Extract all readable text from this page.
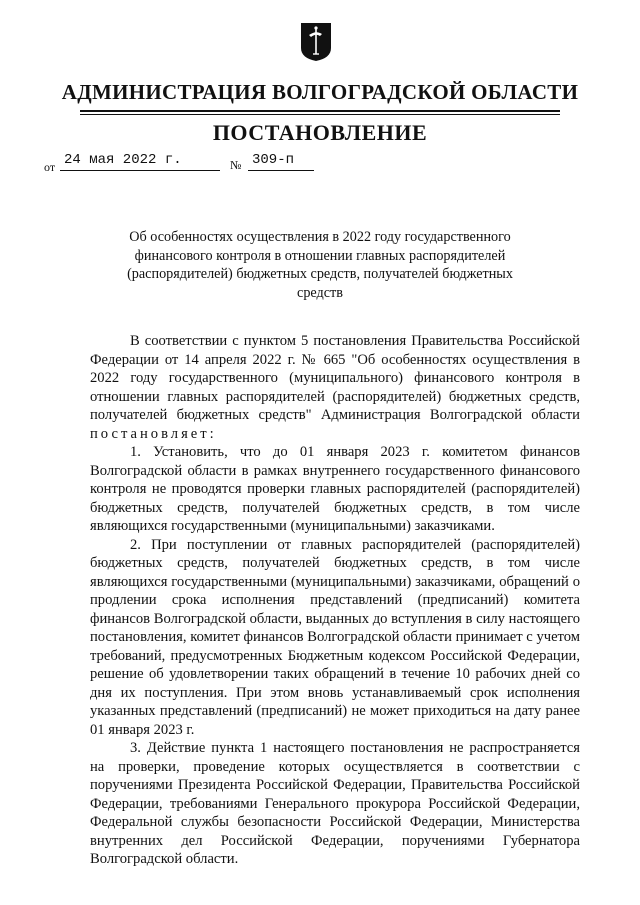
АДМИНИСТРАЦИЯ ВОЛГОГРАДСКОЙ ОБЛАСТИ
ПОСТАНОВЛЕНИЕ
от 24 мая 2022 г.	№ 309-п
Об особенностях осуществления в 2022 году государственного финансового контроля в отношении главных распорядителей (распорядителей) бюджетных средств, получателей бюджетных средств

В соответствии с пунктом 5 постановления Правительства Российской Федерации от 14 апреля 2022 г. № 665 "Об особенностях осуществления в 2022 году государственного (муниципального) финансового контроля в отношении главных распорядителей (распорядителей) бюджетных средств, получателей бюджетных средств" Администрация Волгоградской области постановляет:

1. Установить, что до 01 января 2023 г. комитетом финансов Волгоградской области в рамках внутреннего государственного финансового контроля не проводятся проверки главных распорядителей (распорядителей) бюджетных средств, получателей бюджетных средств, в том числе являющихся государственными (муниципальными) заказчиками.

2. При поступлении от главных распорядителей (распорядителей) бюджетных средств, получателей бюджетных средств, в том числе являющихся государственными (муниципальными) заказчиками, обращений о продлении срока исполнения представлений (предписаний) комитета финансов Волгоградской области, выданных до вступления в силу настоящего постановления, комитет финансов Волгоградской области принимает с учетом требований, предусмотренных Бюджетным кодексом Российской Федерации, решение об удовлетворении таких обращений в течение 10 рабочих дней со дня их поступления. При этом вновь устанавливаемый срок исполнения указанных представлений (предписаний) не может приходиться на дату ранее 01 января 2023 г.

3. Действие пункта 1 настоящего постановления не распространяется на проверки, проведение которых осуществляется в соответствии с поручениями Президента Российской Федерации, Правительства Российской Федерации, требованиями Генерального прокурора Российской Федерации, Федеральной службы безопасности Российской Федерации, Министерства внутренних дел Российской Федерации, поручениями Губернатора Волгоградской области.
